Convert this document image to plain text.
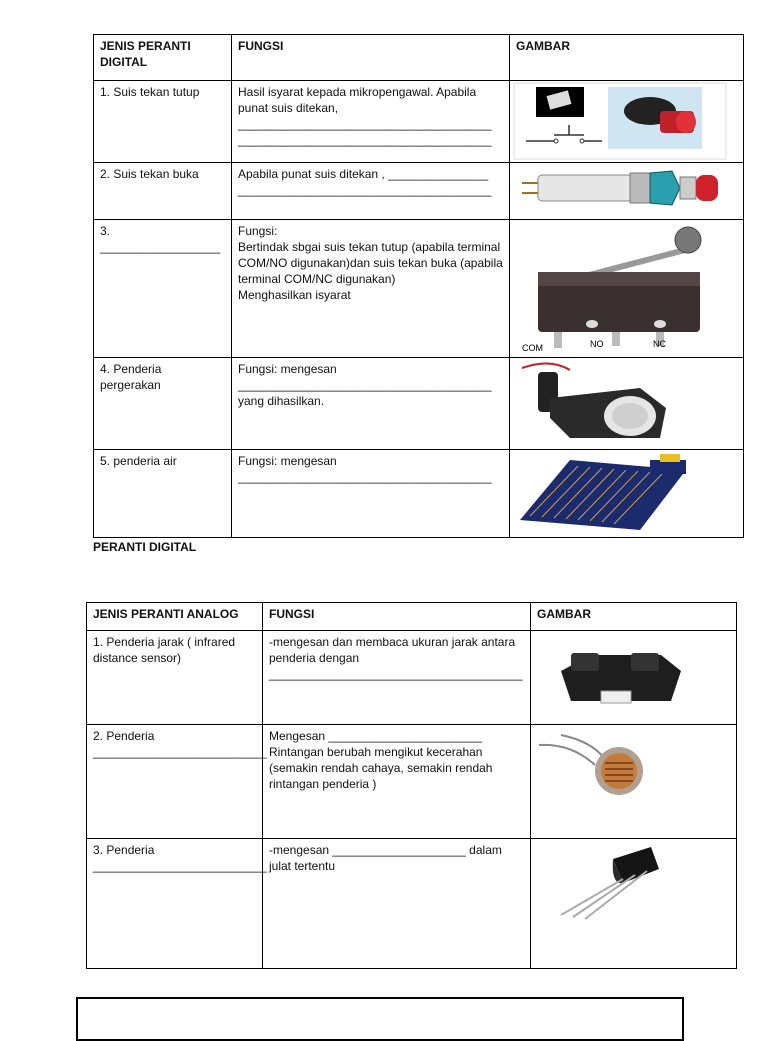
JENIS PERANTI DIGITAL	FUNGSI	GAMBAR
1. Suis tekan tutup	Hasil isyarat kepada mikropengawal. Apabila punat suis ditekan,
______________________________________
______________________________________	

2. Suis tekan buka	Apabila punat suis ditekan , _______________
______________________________________	

3.
__________________	Fungsi:
Bertindak sbgai suis tekan tutup (apabila terminal COM/NO digunakan)dan suis tekan buka (apabila terminal COM/NC digunakan)
Menghasilkan isyarat	COM NO NC

4. Penderia pergerakan	Fungsi: mengesan
______________________________________
yang dihasilkan.	

5. penderia air	Fungsi: mengesan
______________________________________	
PERANTI DIGITAL
JENIS PERANTI ANALOG	FUNGSI	GAMBAR
1. Penderia jarak ( infrared distance sensor)	-mengesan dan membaca ukuran jarak antara penderia dengan
______________________________________	

2. Penderia
__________________________	Mengesan _______________________
Rintangan berubah mengikut kecerahan (semakin rendah cahaya, semakin rendah rintangan penderia )	

3. Penderia
__________________________	-mengesan ____________________ dalam julat tertentu	
